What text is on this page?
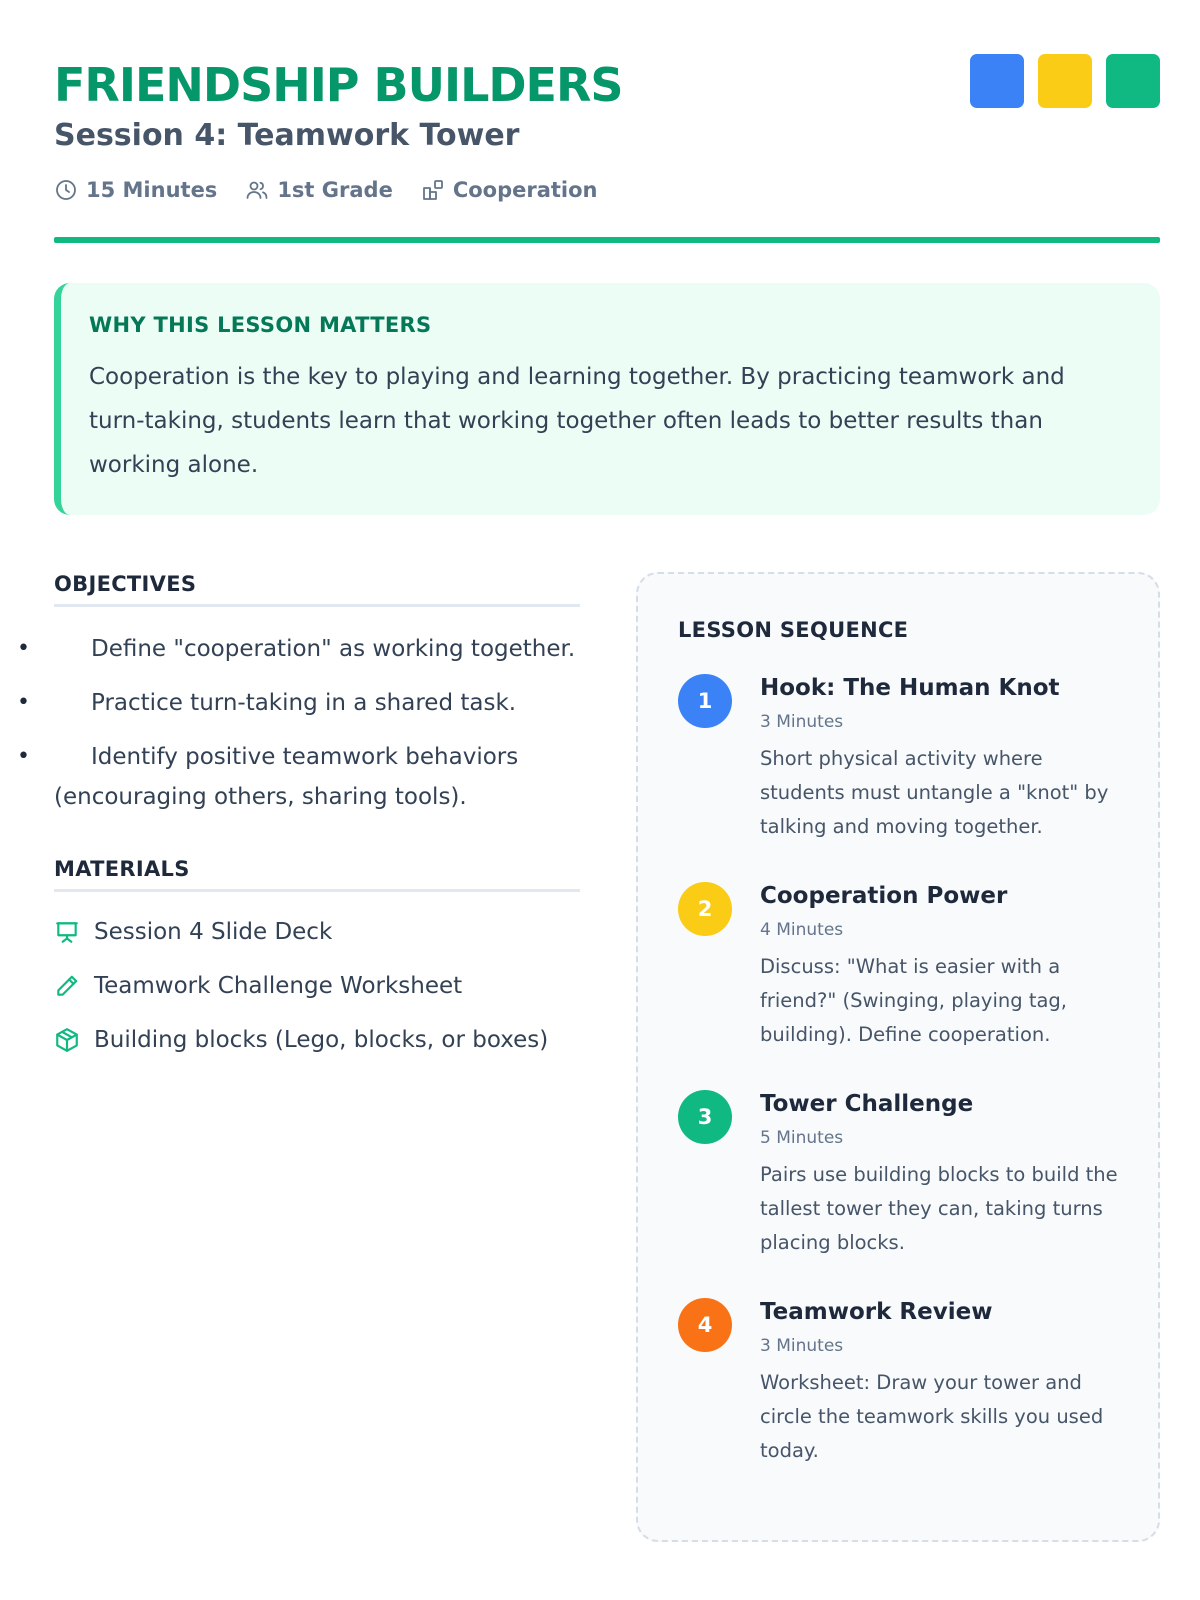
FRIENDSHIP BUILDERS
Session 4: Teamwork Tower
15 Minutes	1st Grade	Cooperation
WHY THIS LESSON MATTERS

Cooperation is the key to playing and learning together. By practicing teamwork and turn-taking, students learn that working together often leads to better results than working alone.

OBJECTIVES
• Define "cooperation" as working together.
• Practice turn-taking in a shared task.
• Identify positive teamwork behaviors (encouraging others, sharing tools).
MATERIALS
Session 4 Slide Deck
Teamwork Challenge Worksheet
Building blocks (Lego, blocks, or boxes)
LESSON SEQUENCE
1	Hook: The Human Knot
3 Minutes
Short physical activity where students must untangle a "knot" by talking and moving together.
2	Cooperation Power
4 Minutes
Discuss: "What is easier with a friend?" (Swinging, playing tag, building). Define cooperation.
3	Tower Challenge
5 Minutes
Pairs use building blocks to build the tallest tower they can, taking turns placing blocks.
4	Teamwork Review
3 Minutes
Worksheet: Draw your tower and circle the teamwork skills you used today.
